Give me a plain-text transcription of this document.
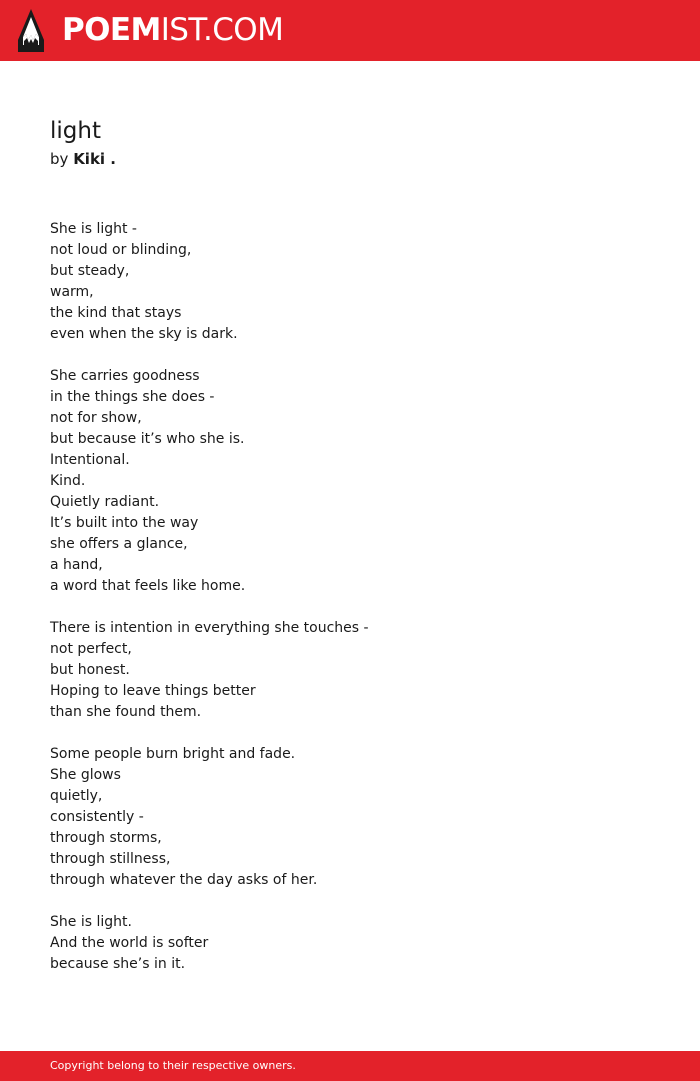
POEMIST.COM
light
by Kiki .
She is light -
not loud or blinding,
but steady,
warm,
the kind that stays
even when the sky is dark.
She carries goodness
in the things she does -
not for show,
but because it’s who she is.
Intentional.
Kind.
Quietly radiant.
It’s built into the way
she offers a glance,
a hand,
a word that feels like home.
There is intention in everything she touches -
not perfect,
but honest.
Hoping to leave things better
than she found them.
Some people burn bright and fade.
She glows
quietly,
consistently -
through storms,
through stillness,
through whatever the day asks of her.
She is light.
And the world is softer
because she’s in it.
Copyright belong to their respective owners.
